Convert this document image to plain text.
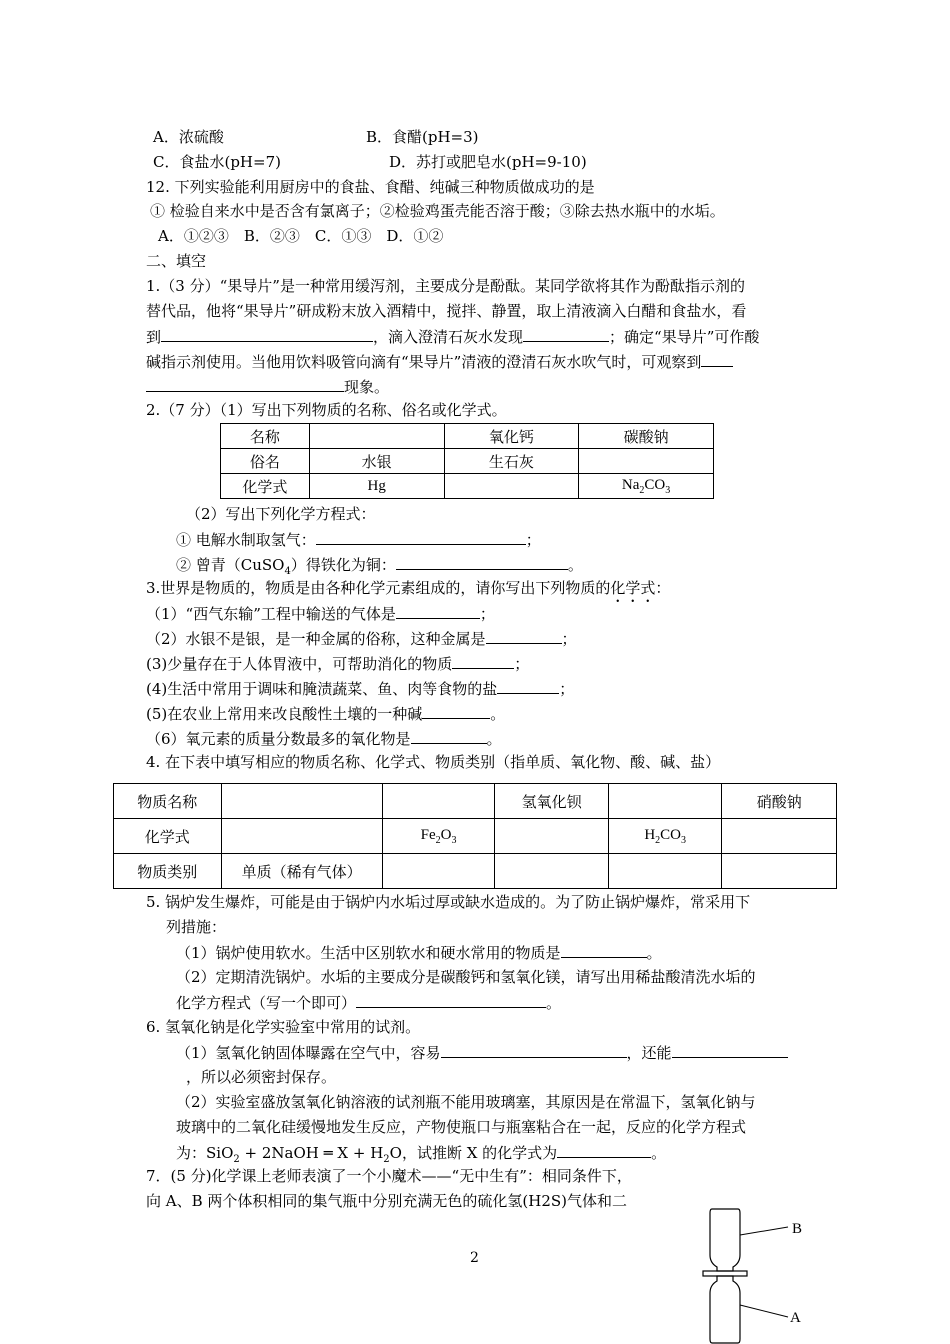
A．浓硫酸	B．食醋(pH=3)
C．食盐水(pH=7)	D．苏打或肥皂水(pH=9-10)
12. 下列实验能利用厨房中的食盐、食醋、纯碱三种物质做成功的是
① 检验自来水中是否含有氯离子；②检验鸡蛋壳能否溶于酸；③除去热水瓶中的水垢。
A．①②③　B．②③　C．①③　D．①②
二、填空
1.（3 分）“果导片”是一种常用缓泻剂，主要成分是酚酞。某同学欲将其作为酚酞指示剂的
替代品，他将“果导片”研成粉末放入酒精中，搅拌、静置，取上清液滴入白醋和食盐水，看
到	，滴入澄清石灰水发现	；确定“果导片”可作酸
碱指示剂使用。当他用饮料吸管向滴有“果导片”清液的澄清石灰水吹气时，可观察到
现象。
2.（7 分）（1）写出下列物质的名称、俗名或化学式。
名称		氧化钙	碳酸钠
俗名	水银	生石灰	
化学式	Hg		$Na_2CO_3$
（2）写出下列化学方程式：
① 电解水制取氢气：	；
② 曾青（CuSO$_4$）得铁化为铜：	。
3.世界是物质的，物质是由各种化学元素组成的，请你写出下列物质的化学式：
（1）“西气东输”工程中输送的气体是	；
（2）水银不是银，是一种金属的俗称，这种金属是	；
(3)少量存在于人体胃液中，可帮助消化的物质	；
(4)生活中常用于调味和腌渍蔬菜、鱼、肉等食物的盐	；
(5)在农业上常用来改良酸性土壤的一种碱	。
（6）氧元素的质量分数最多的氧化物是	。
4. 在下表中填写相应的物质名称、化学式、物质类别（指单质、氧化物、酸、碱、盐）
物质名称			氢氧化钡		硝酸钠
化学式		$Fe_2O_3$		$H_2CO_3$	
物质类别	单质（稀有气体）				
5. 锅炉发生爆炸，可能是由于锅炉内水垢过厚或缺水造成的。为了防止锅炉爆炸，常采用下
列措施：
（1）锅炉使用软水。生活中区别软水和硬水常用的物质是	。
（2）定期清洗锅炉。水垢的主要成分是碳酸钙和氢氧化镁，请写出用稀盐酸清洗水垢的
化学方程式（写一个即可）	。
6. 氢氧化钠是化学实验室中常用的试剂。
（1）氢氧化钠固体曝露在空气中，容易	，还能
，所以必须密封保存。
（2）实验室盛放氢氧化钠溶液的试剂瓶不能用玻璃塞，其原因是在常温下，氢氧化钠与
玻璃中的二氧化硅缓慢地发生反应，产物使瓶口与瓶塞粘合在一起，反应的化学方程式
为：SiO$_2$ + 2NaOH ═ $X + H_2O$，试推断 X 的化学式为	。
7．(5 分)化学课上老师表演了一个小魔术——“无中生有”：相同条件下，
向 A、B 两个体积相同的集气瓶中分别充满无色的硫化氢(H2S)气体和二
2
B
A
